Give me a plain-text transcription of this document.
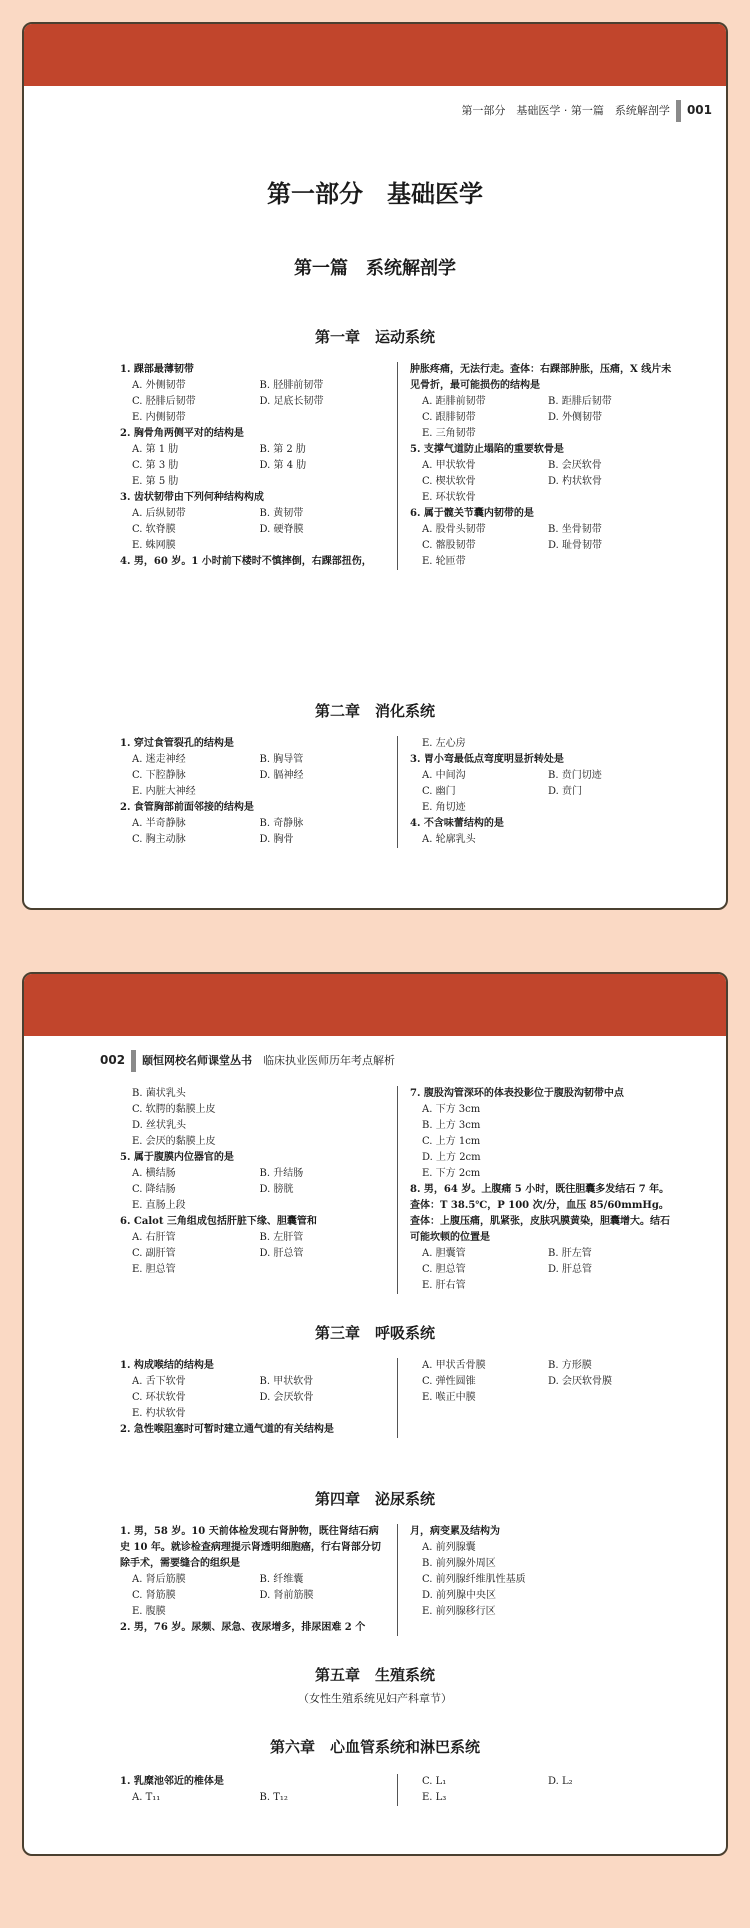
第一部分　基础医学 · 第一篇　系统解剖学 001
第一部分　基础医学
第一篇　系统解剖学
第一章　运动系统
1. 踝部最薄韧带
A. 外侧韧带	B. 胫腓前韧带
C. 胫腓后韧带	D. 足底长韧带
E. 内侧韧带
2. 胸骨角两侧平对的结构是
A. 第 1 肋	B. 第 2 肋
C. 第 3 肋	D. 第 4 肋
E. 第 5 肋
3. 齿状韧带由下列何种结构构成
A. 后纵韧带	B. 黄韧带
C. 软脊膜	D. 硬脊膜
E. 蛛网膜
4. 男，60 岁。1 小时前下楼时不慎摔倒，右踝部扭伤，
肿胀疼痛，无法行走。查体：右踝部肿胀，压痛，X 线片未见骨折，最可能损伤的结构是
A. 距腓前韧带	B. 距腓后韧带
C. 跟腓韧带	D. 外侧韧带
E. 三角韧带
5. 支撑气道防止塌陷的重要软骨是
A. 甲状软骨	B. 会厌软骨
C. 楔状软骨	D. 杓状软骨
E. 环状软骨
6. 属于髋关节囊内韧带的是
A. 股骨头韧带	B. 坐骨韧带
C. 髂股韧带	D. 耻骨韧带
E. 轮匝带
第二章　消化系统
1. 穿过食管裂孔的结构是
A. 迷走神经	B. 胸导管
C. 下腔静脉	D. 膈神经
E. 内脏大神经
2. 食管胸部前面邻接的结构是
A. 半奇静脉	B. 奇静脉
C. 胸主动脉	D. 胸骨
E. 左心房
3. 胃小弯最低点弯度明显折转处是
A. 中间沟	B. 贲门切迹
C. 幽门	D. 贲门
E. 角切迹
4. 不含味蕾结构的是
A. 轮廓乳头
002 颐恒网校名师课堂丛书　 临床执业医师历年考点解析
B. 菌状乳头
C. 软腭的黏膜上皮
D. 丝状乳头
E. 会厌的黏膜上皮
5. 属于腹膜内位器官的是
A. 横结肠	B. 升结肠
C. 降结肠	D. 膀胱
E. 直肠上段
6. Calot 三角组成包括肝脏下缘、胆囊管和
A. 右肝管	B. 左肝管
C. 副肝管	D. 肝总管
E. 胆总管
7. 腹股沟管深环的体表投影位于腹股沟韧带中点
A. 下方 3cm
B. 上方 3cm
C. 上方 1cm
D. 上方 2cm
E. 下方 2cm
8. 男，64 岁。上腹痛 5 小时，既往胆囊多发结石 7 年。查体：T 38.5℃，P 100 次/分，血压 85/60mmHg。查体：上腹压痛，肌紧张，皮肤巩膜黄染，胆囊增大。结石可能坎顿的位置是
A. 胆囊管	B. 肝左管
C. 胆总管	D. 肝总管
E. 肝右管
第三章　呼吸系统
1. 构成喉结的结构是
A. 舌下软骨	B. 甲状软骨
C. 环状软骨	D. 会厌软骨
E. 杓状软骨
2. 急性喉阻塞时可暂时建立通气道的有关结构是
A. 甲状舌骨膜	B. 方形膜
C. 弹性圆锥	D. 会厌软骨膜
E. 喉正中膜
第四章　泌尿系统
1. 男，58 岁。10 天前体检发现右肾肿物，既往肾结石病史 10 年。就诊检查病理提示肾透明细胞癌，行右肾部分切除手术，需要缝合的组织是
A. 肾后筋膜	B. 纤维囊
C. 肾筋膜	D. 肾前筋膜
E. 腹膜
2. 男，76 岁。尿频、尿急、夜尿增多，排尿困难 2 个
月，病变累及结构为
A. 前列腺囊
B. 前列腺外周区
C. 前列腺纤维肌性基质
D. 前列腺中央区
E. 前列腺移行区
第五章　生殖系统
（女性生殖系统见妇产科章节）
第六章　心血管系统和淋巴系统
1. 乳糜池邻近的椎体是
A. T₁₁	B. T₁₂
C. L₁	D. L₂
E. L₃
